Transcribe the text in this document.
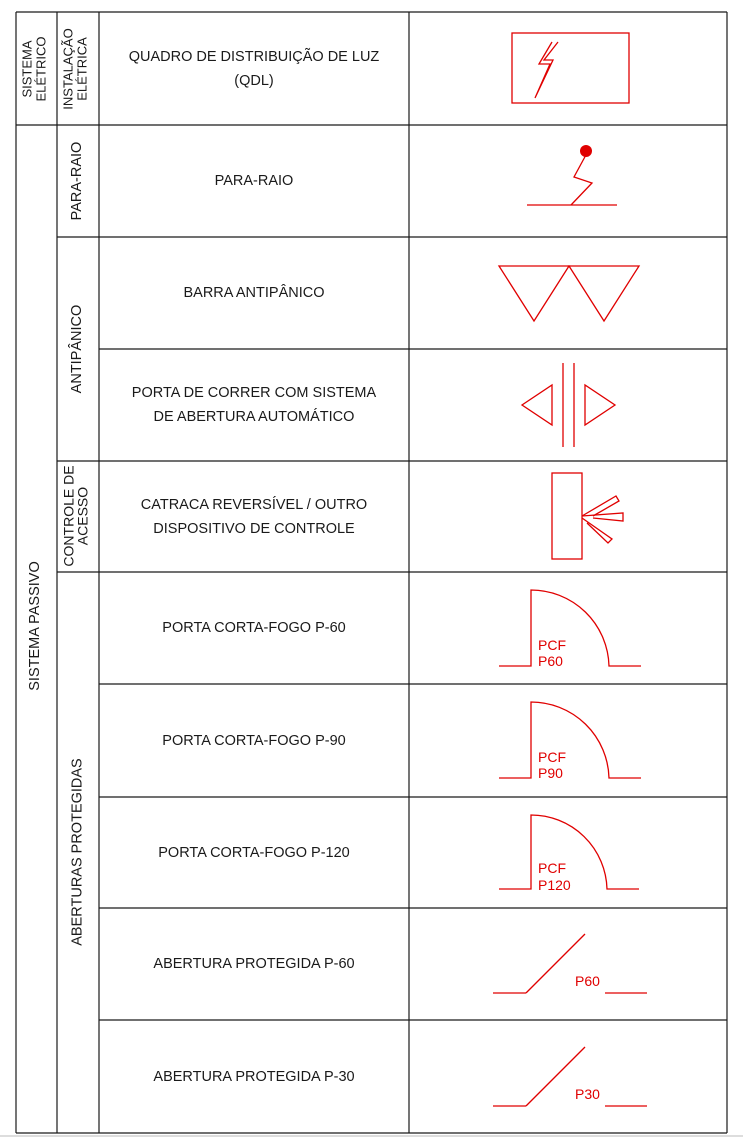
SISTEMA ELÉTRICO INSTALAÇÃO ELÉTRICA
SISTEMA PASSIVO
PARA-RAIO
ANTIPÂNICO
CONTROLE DE ACESSO
ABERTURAS PROTEGIDAS
QUADRO DE DISTRIBUIÇÃO DE LUZ
(QDL)
PARA-RAIO
BARRA ANTIPÂNICO
PORTA DE CORRER COM SISTEMA
DE ABERTURA AUTOMÁTICO
CATRACA REVERSÍVEL / OUTRO
DISPOSITIVO DE CONTROLE
PORTA CORTA-FOGO P-60
PORTA CORTA-FOGO P-90
PORTA CORTA-FOGO P-120
ABERTURA PROTEGIDA P-60
ABERTURA PROTEGIDA P-30
PCF
P60
PCF
P90
PCF
P120
P60
P30
